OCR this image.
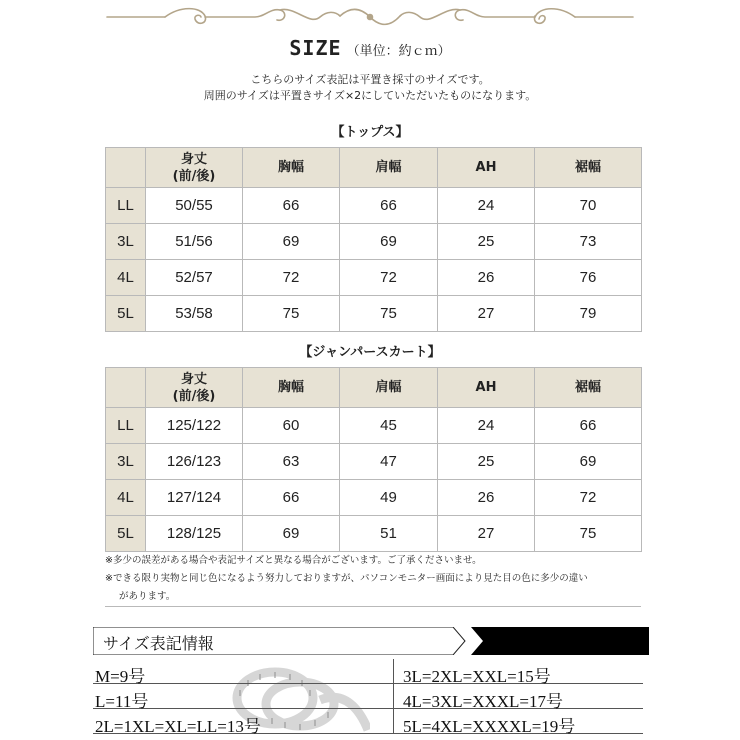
SIZE （単位：約ｃｍ）
こちらのサイズ表記は平置き採寸のサイズです。
周囲のサイズは平置きサイズ×2にしていただいたものになります。
【トップス】
	身丈
(前/後)	胸幅	肩幅	AH	裾幅
LL	50/55	66	66	24	70
3L	51/56	69	69	25	73
4L	52/57	72	72	26	76
5L	53/58	75	75	27	79
【ジャンパースカート】
	身丈
(前/後)	胸幅	肩幅	AH	裾幅
LL	125/122	60	45	24	66
3L	126/123	63	47	25	69
4L	127/124	66	49	26	72
5L	128/125	69	51	27	75
※多少の誤差がある場合や表記サイズと異なる場合がございます。ご了承くださいませ。
※できる限り実物と同じ色になるよう努力しておりますが、パソコンモニター画面により見た目の色に多少の違い
があります。
サイズ表記情報
M=9号	3L=2XL=XXL=15号
L=11号	4L=3XL=XXXL=17号
2L=1XL=XL=LL=13号	5L=4XL=XXXXL=19号
